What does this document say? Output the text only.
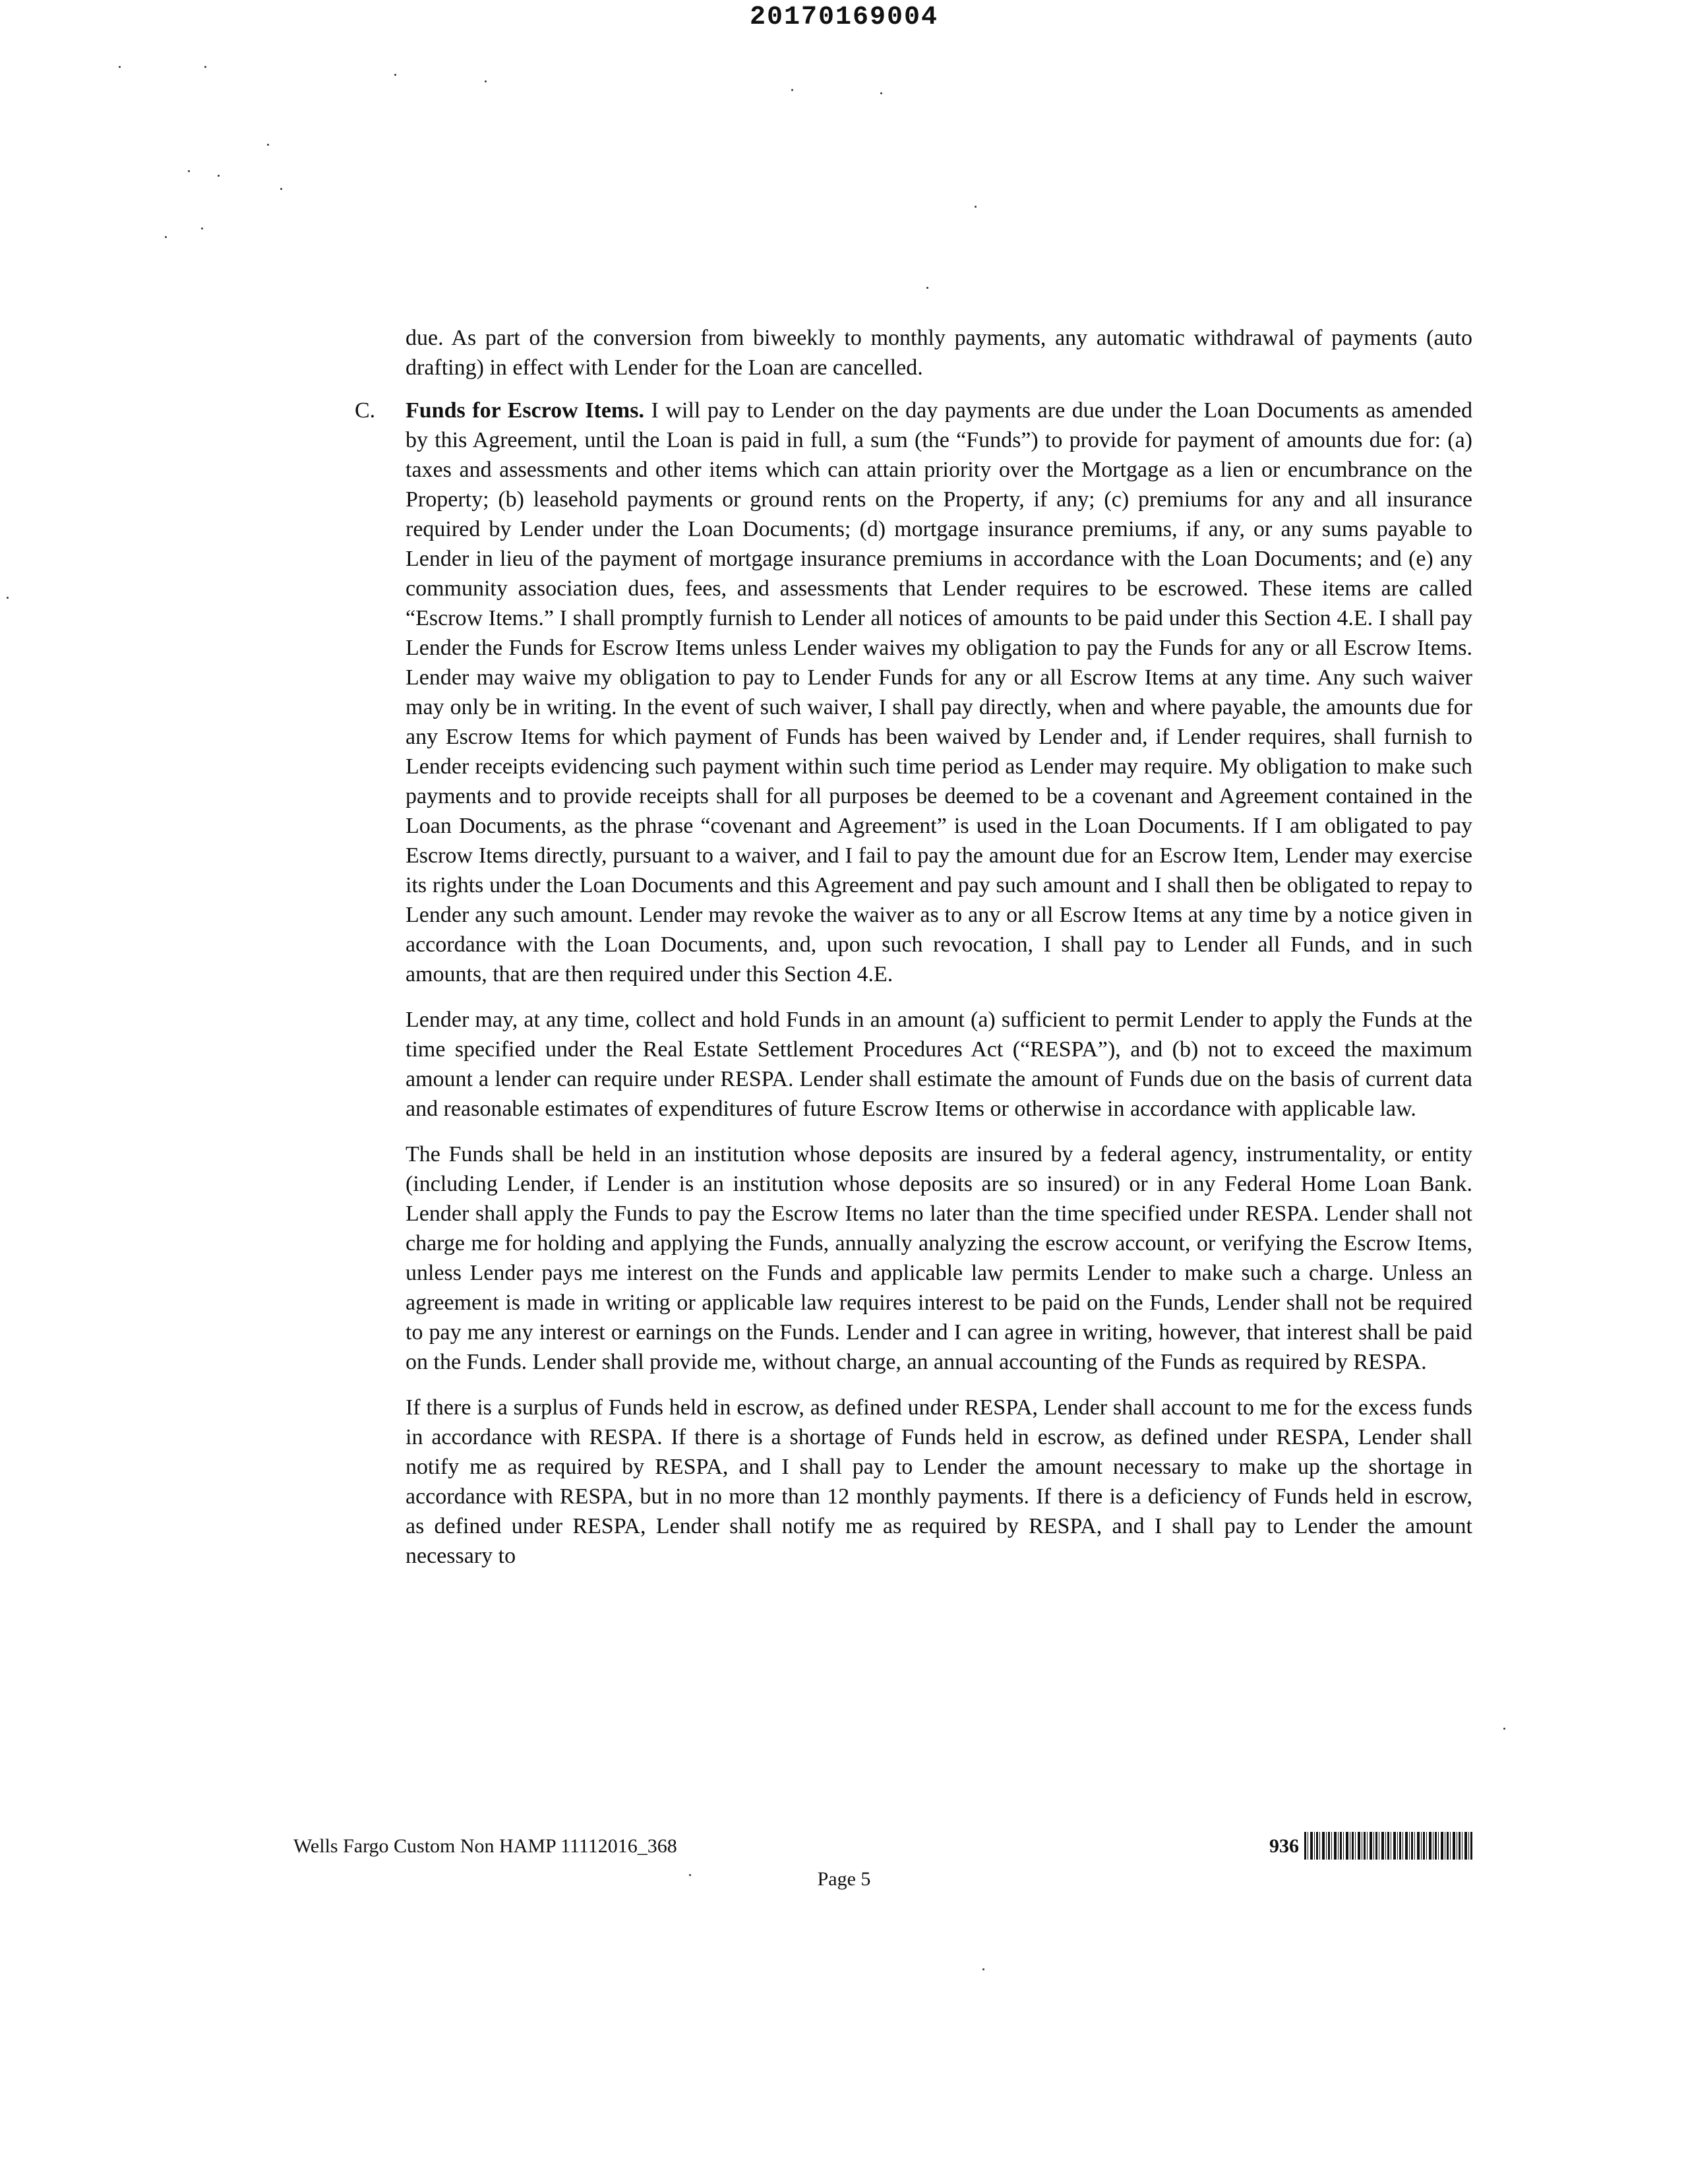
20170169004

due. As part of the conversion from biweekly to monthly payments, any automatic withdrawal of payments (auto drafting) in effect with Lender for the Loan are cancelled.

C. Funds for Escrow Items. I will pay to Lender on the day payments are due under the Loan Documents as amended by this Agreement, until the Loan is paid in full, a sum (the “Funds”) to provide for payment of amounts due for: (a) taxes and assessments and other items which can attain priority over the Mortgage as a lien or encumbrance on the Property; (b) leasehold payments or ground rents on the Property, if any; (c) premiums for any and all insurance required by Lender under the Loan Documents; (d) mortgage insurance premiums, if any, or any sums payable to Lender in lieu of the payment of mortgage insurance premiums in accordance with the Loan Documents; and (e) any community association dues, fees, and assessments that Lender requires to be escrowed. These items are called “Escrow Items.” I shall promptly furnish to Lender all notices of amounts to be paid under this Section 4.E. I shall pay Lender the Funds for Escrow Items unless Lender waives my obligation to pay the Funds for any or all Escrow Items. Lender may waive my obligation to pay to Lender Funds for any or all Escrow Items at any time. Any such waiver may only be in writing. In the event of such waiver, I shall pay directly, when and where payable, the amounts due for any Escrow Items for which payment of Funds has been waived by Lender and, if Lender requires, shall furnish to Lender receipts evidencing such payment within such time period as Lender may require. My obligation to make such payments and to provide receipts shall for all purposes be deemed to be a covenant and Agreement contained in the Loan Documents, as the phrase “covenant and Agreement” is used in the Loan Documents. If I am obligated to pay Escrow Items directly, pursuant to a waiver, and I fail to pay the amount due for an Escrow Item, Lender may exercise its rights under the Loan Documents and this Agreement and pay such amount and I shall then be obligated to repay to Lender any such amount. Lender may revoke the waiver as to any or all Escrow Items at any time by a notice given in accordance with the Loan Documents, and, upon such revocation, I shall pay to Lender all Funds, and in such amounts, that are then required under this Section 4.E.

Lender may, at any time, collect and hold Funds in an amount (a) sufficient to permit Lender to apply the Funds at the time specified under the Real Estate Settlement Procedures Act (“RESPA”), and (b) not to exceed the maximum amount a lender can require under RESPA. Lender shall estimate the amount of Funds due on the basis of current data and reasonable estimates of expenditures of future Escrow Items or otherwise in accordance with applicable law.

The Funds shall be held in an institution whose deposits are insured by a federal agency, instrumentality, or entity (including Lender, if Lender is an institution whose deposits are so insured) or in any Federal Home Loan Bank. Lender shall apply the Funds to pay the Escrow Items no later than the time specified under RESPA. Lender shall not charge me for holding and applying the Funds, annually analyzing the escrow account, or verifying the Escrow Items, unless Lender pays me interest on the Funds and applicable law permits Lender to make such a charge. Unless an agreement is made in writing or applicable law requires interest to be paid on the Funds, Lender shall not be required to pay me any interest or earnings on the Funds. Lender and I can agree in writing, however, that interest shall be paid on the Funds. Lender shall provide me, without charge, an annual accounting of the Funds as required by RESPA.

If there is a surplus of Funds held in escrow, as defined under RESPA, Lender shall account to me for the excess funds in accordance with RESPA. If there is a shortage of Funds held in escrow, as defined under RESPA, Lender shall notify me as required by RESPA, and I shall pay to Lender the amount necessary to make up the shortage in accordance with RESPA, but in no more than 12 monthly payments. If there is a deficiency of Funds held in escrow, as defined under RESPA, Lender shall notify me as required by RESPA, and I shall pay to Lender the amount necessary to

Wells Fargo Custom Non HAMP 11112016_368	936
Page 5
